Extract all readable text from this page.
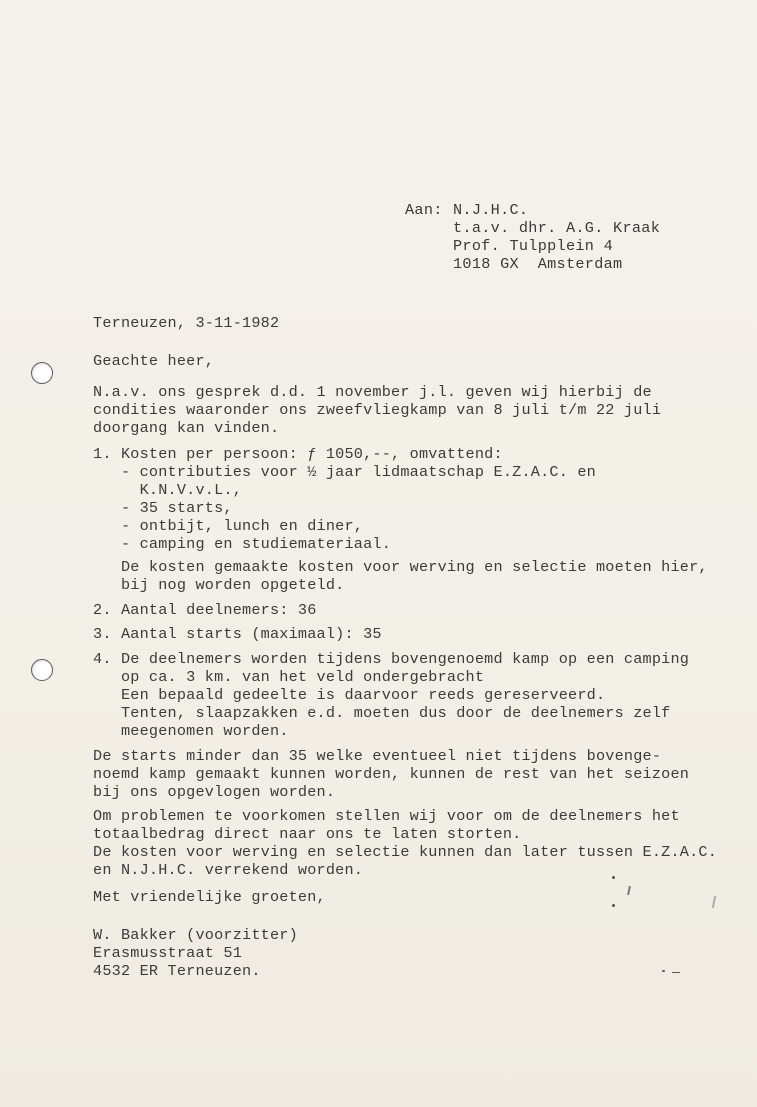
Aan: N.J.H.C.
t.a.v. dhr. A.G. Kraak
Prof. Tulpplein 4
1018 GX  Amsterdam
Terneuzen, 3-11-1982
Geachte heer,
N.a.v. ons gesprek d.d. 1 november j.l. geven wij hierbij de
condities waaronder ons zweefvliegkamp van 8 juli t/m 22 juli
doorgang kan vinden.
1. Kosten per persoon: ƒ 1050,--, omvattend:
- contributies voor ½ jaar lidmaatschap E.Z.A.C. en
K.N.V.v.L.,
- 35 starts,
- ontbijt, lunch en diner,
- camping en studiemateriaal.
De kosten gemaakte kosten voor werving en selectie moeten hier,
bij nog worden opgeteld.
2. Aantal deelnemers: 36
3. Aantal starts (maximaal): 35
4. De deelnemers worden tijdens bovengenoemd kamp op een camping
op ca. 3 km. van het veld ondergebracht
Een bepaald gedeelte is daarvoor reeds gereserveerd.
Tenten, slaapzakken e.d. moeten dus door de deelnemers zelf
meegenomen worden.
De starts minder dan 35 welke eventueel niet tijdens bovenge-
noemd kamp gemaakt kunnen worden, kunnen de rest van het seizoen
bij ons opgevlogen worden.
Om problemen te voorkomen stellen wij voor om de deelnemers het
totaalbedrag direct naar ons te laten storten.
De kosten voor werving en selectie kunnen dan later tussen E.Z.A.C.
en N.J.H.C. verrekend worden.
Met vriendelijke groeten,
W. Bakker (voorzitter)
Erasmusstraat 51
4532 ER Terneuzen.
